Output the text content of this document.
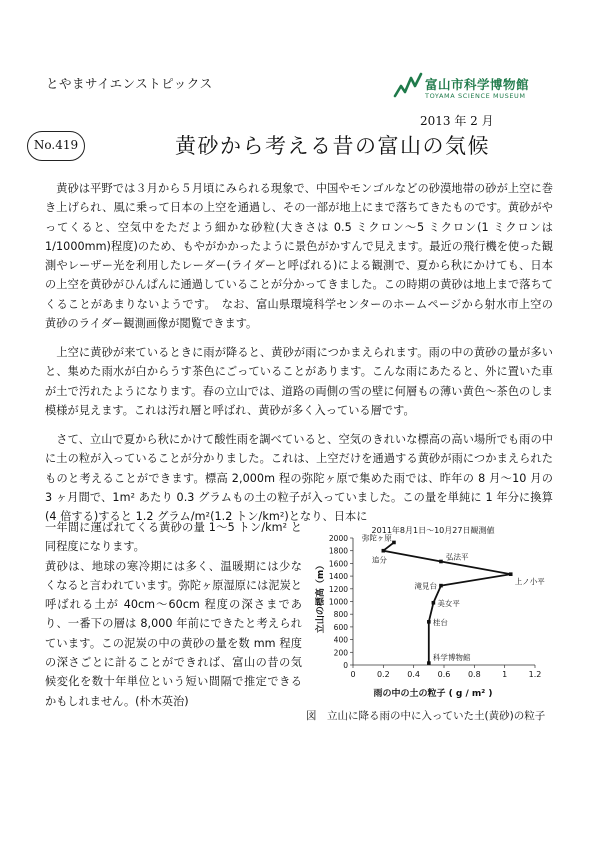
とやまサイエンストピックス	富山市科学博物館
TOYAMA SCIENCE MUSEUM
2013 年 2 月
No.419	黄砂から考える昔の富山の気候

　黄砂は平野では３月から５月頃にみられる現象で、中国やモンゴルなどの砂漠地帯の砂が上空に巻き上げられ、風に乗って日本の上空を通過し、その一部が地上にまで落ちてきたものです。黄砂がやってくると、空気中をただよう細かな砂粒(大きさは 0.5 ミクロン〜5 ミクロン(1 ミクロンは 1/1000mm)程度)のため、もやがかかったように景色がかすんで見えます。最近の飛行機を使った観測やレーザー光を利用したレーダー(ライダーと呼ばれる)による観測で、夏から秋にかけても、日本の上空を黄砂がひんぱんに通過していることが分かってきました。この時期の黄砂は地上まで落ちてくることがあまりないようです。　なお、富山県環境科学センターのホームページから射水市上空の黄砂のライダー観測画像が閲覧できます。

　上空に黄砂が来ているときに雨が降ると、黄砂が雨につかまえられます。雨の中の黄砂の量が多いと、集めた雨水が白からうす茶色にごっていることがあります。こんな雨にあたると、外に置いた車が土で汚れたようになります。春の立山では、道路の両側の雪の壁に何層もの薄い黄色〜茶色のしま模様が見えます。これは汚れ層と呼ばれ、黄砂が多く入っている層です。

　さて、立山で夏から秋にかけて酸性雨を調べていると、空気のきれいな標高の高い場所でも雨の中に土の粒が入っていることが分かりました。これは、上空だけを通過する黄砂が雨につかまえられたものと考えることができます。標高 2,000m 程の弥陀ヶ原で集めた雨では、昨年の 8 月〜10 月の 3 ヶ月間で、1m² あたり 0.3 グラムもの土の粒子が入っていました。この量を単純に 1 年分に換算(4 倍する)すると 1.2 グラム/m²(1.2 トン/km²)となり、日本に

一年間に運ばれてくる黄砂の量 1〜5 トン/km² と同程度になります。
黄砂は、地球の寒冷期には多く、温暖期には少なくなると言われています。弥陀ヶ原湿原には泥炭と呼ばれる土が 40cm〜60cm 程度の深さまであり、一番下の層は 8,000 年前にできたと考えられています。この泥炭の中の黄砂の量を数 mm 程度の深さごとに計ることができれば、富山の昔の気候変化を数十年単位という短い間隔で推定できるかもしれません。(朴木英治)

2011年8月1日〜10月27日観測値
立山の標高（m）
雨の中の土の粒子 ( g / m² )
0	0.2 0.4 0.6 0.8	1	1.2
0
200
400
600
800
1000
1200
1400
1600
1800
2000 弥陀ヶ原
追分	弘法平
上ノ小平
滝見台
美女平
桂台
科学博物館
図　立山に降る雨の中に入っていた土(黄砂)の粒子
